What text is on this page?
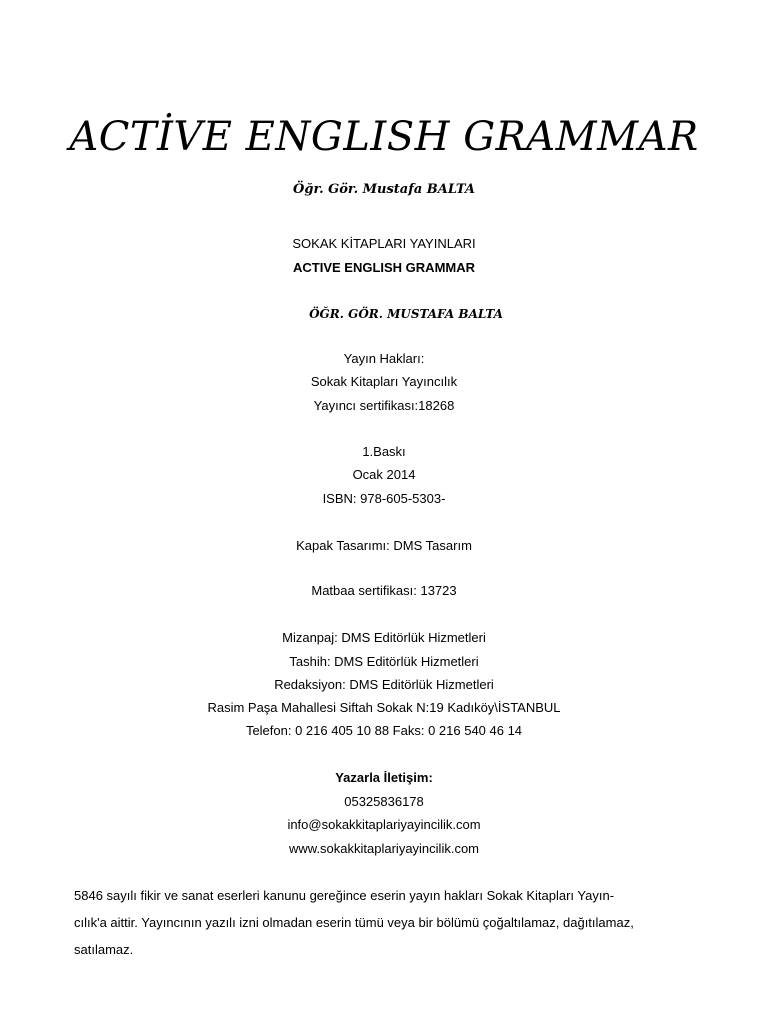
ACTİVE ENGLISH GRAMMAR
Öğr. Gör. Mustafa BALTA
SOKAK KİTAPLARI YAYINLARI
ACTIVE ENGLISH GRAMMAR
ÖĞR. GÖR. MUSTAFA BALTA
Yayın Hakları:
Sokak Kitapları Yayıncılık
Yayıncı sertifikası:18268
1.Baskı
Ocak 2014
ISBN: 978-605-5303-
Kapak Tasarımı: DMS Tasarım
Matbaa sertifikası: 13723
Mizanpaj: DMS Editörlük Hizmetleri
Tashih: DMS Editörlük Hizmetleri
Redaksiyon: DMS Editörlük Hizmetleri
Rasim Paşa Mahallesi Siftah Sokak N:19 Kadıköy\İSTANBUL
Telefon: 0 216 405 10 88 Faks: 0 216 540 46 14
Yazarla İletişim:
05325836178
info@sokakkitaplariyayincilik.com
www.sokakkitaplariyayincilik.com
5846 sayılı fikir ve sanat eserleri kanunu gereğince eserin yayın hakları Sokak Kitapları Yayın-
cılık'a aittir. Yayıncının yazılı izni olmadan eserin tümü veya bir bölümü çoğaltılamaz, dağıtılamaz,
satılamaz.
